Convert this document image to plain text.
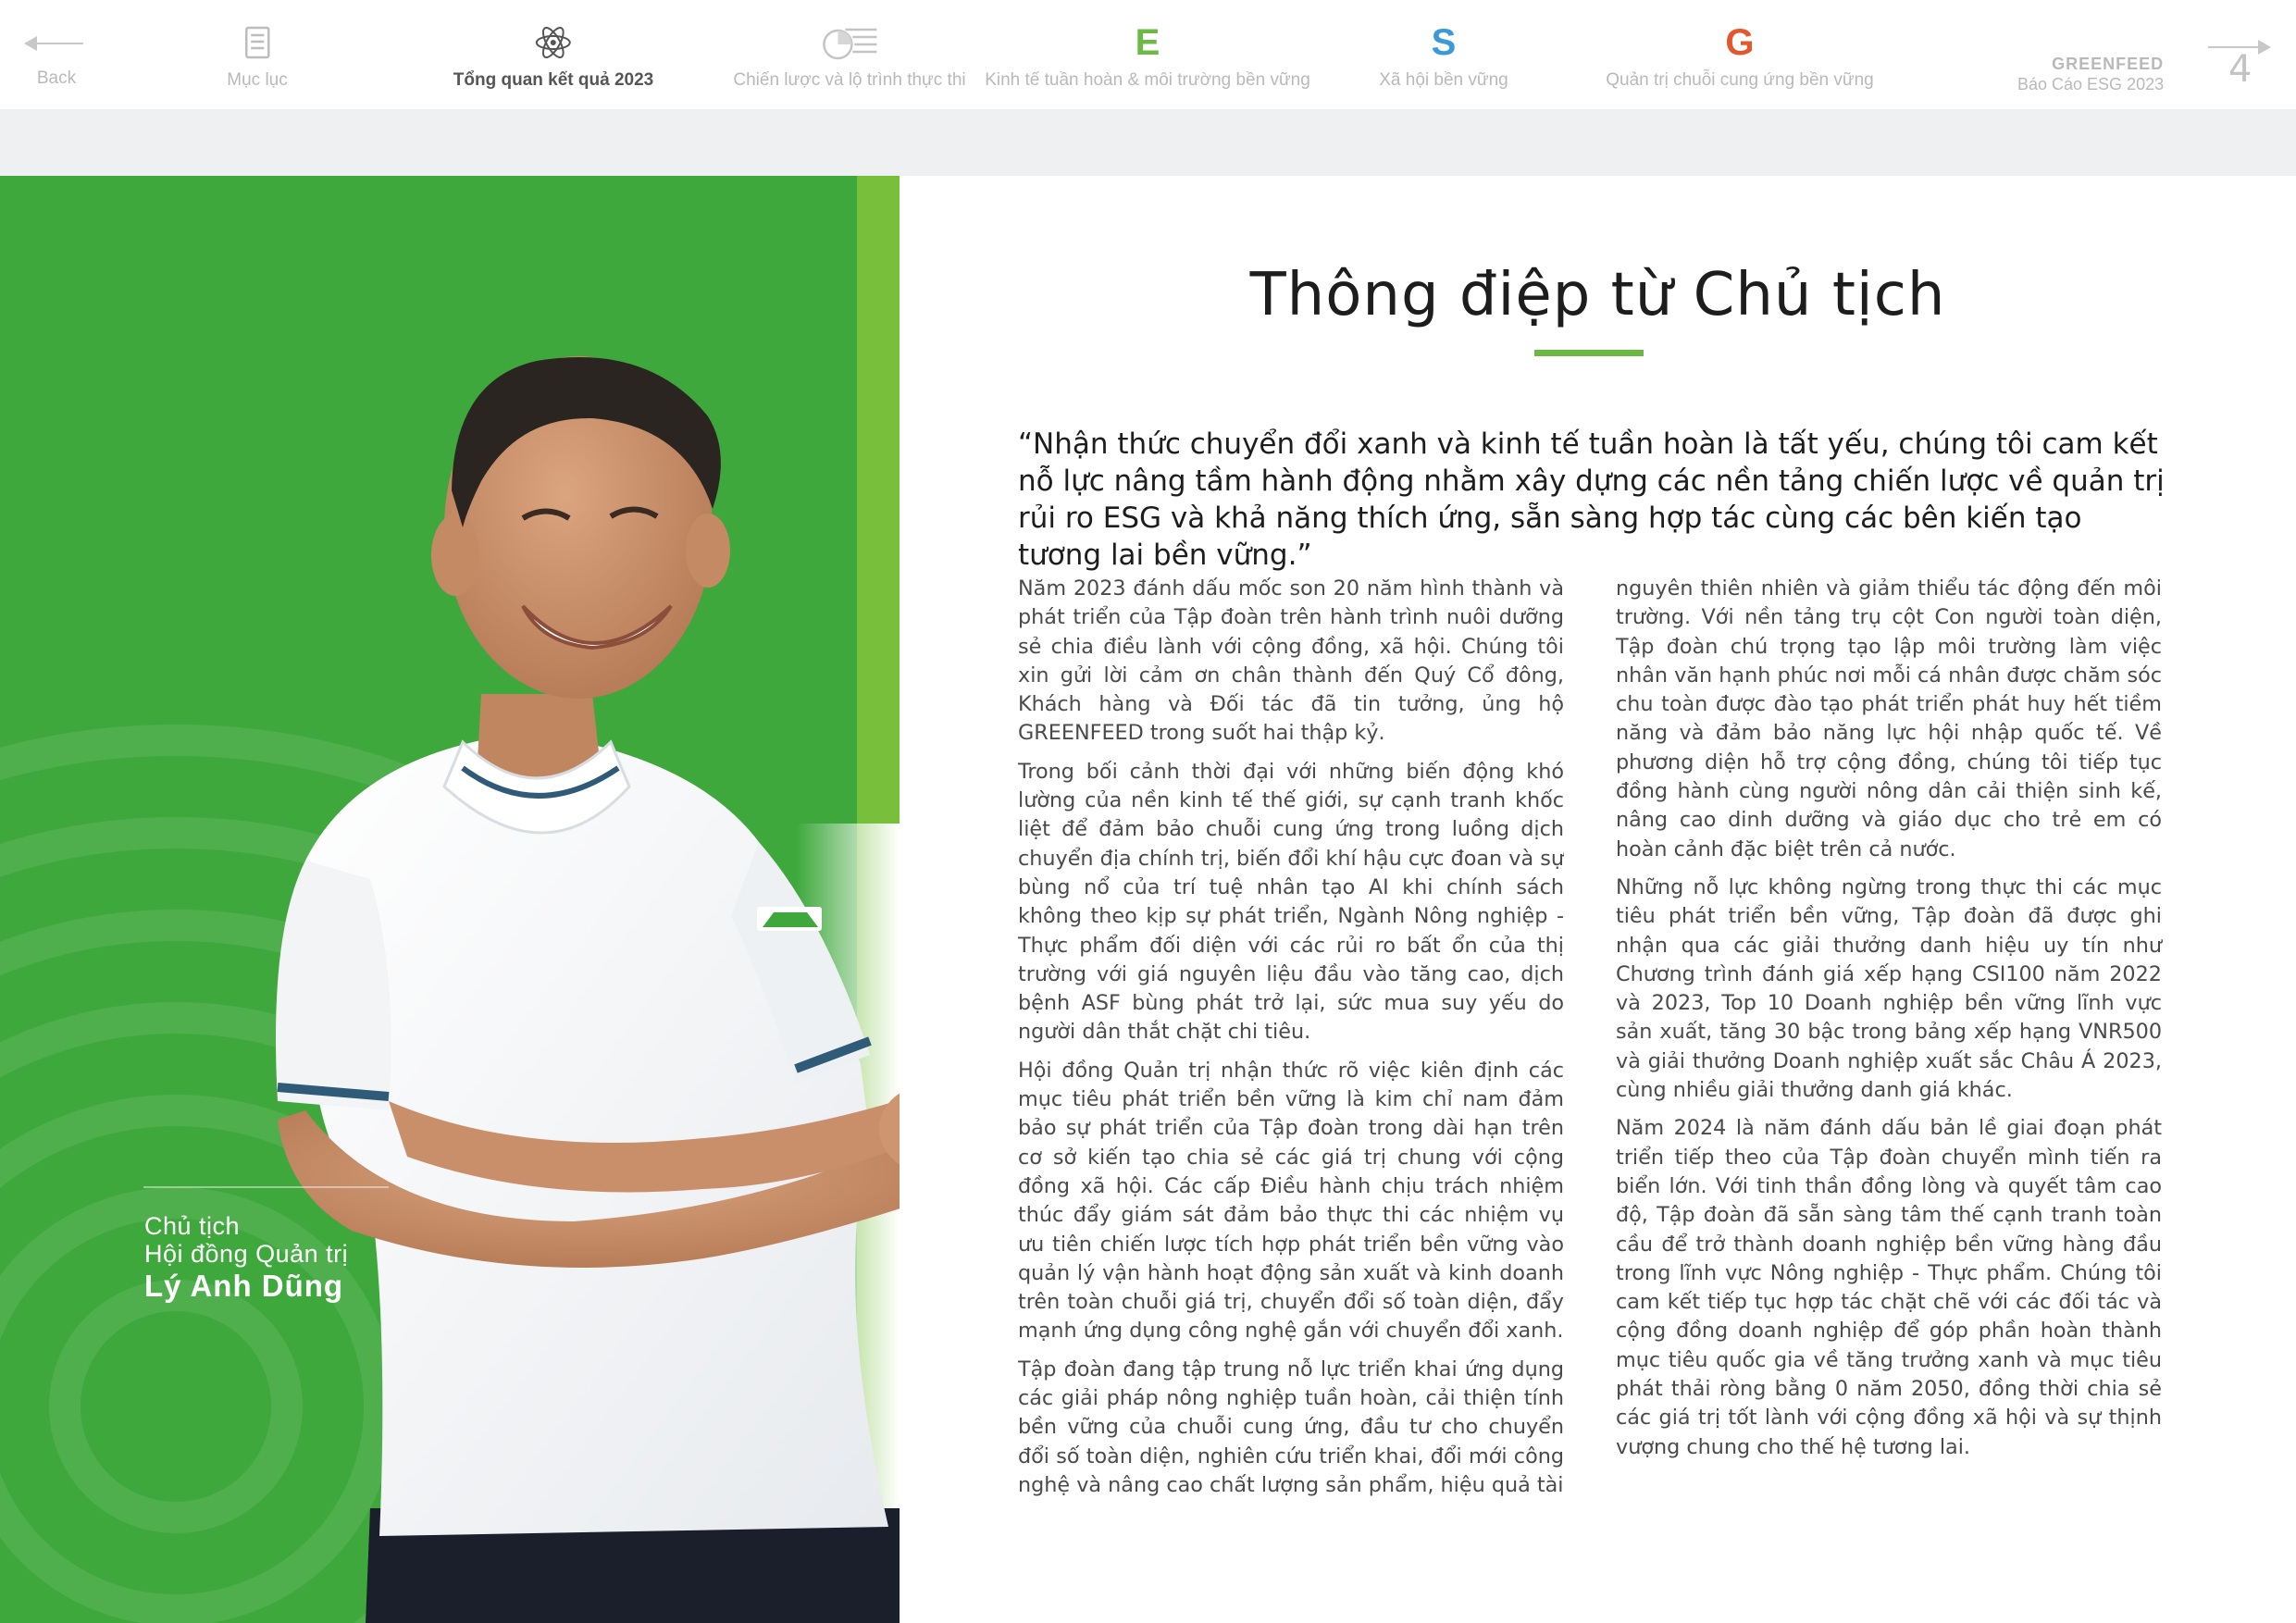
Back	Mục lục	Tổng quan kết quả 2023	Chiến lược và lộ trình thực thi
E
Kinh tế tuần hoàn & môi trường bền vững
S
Xã hội bền vững
G
Quản trị chuỗi cung ứng bền vững
GREENFEED
Báo Cáo ESG 2023 4
Chủ tịch
Hội đồng Quản trị
Lý Anh Dũng
Thông điệp từ Chủ tịch
“Nhận thức chuyển đổi xanh và kinh tế tuần hoàn là tất yếu, chúng tôi cam kết nỗ lực nâng tầm hành động nhằm xây dựng các nền tảng chiến lược về quản trị rủi ro ESG và khả năng thích ứng, sẵn sàng hợp tác cùng các bên kiến tạo tương lai bền vững.”

Năm 2023 đánh dấu mốc son 20 năm hình thành và phát triển của Tập đoàn trên hành trình nuôi dưỡng sẻ chia điều lành với cộng đồng, xã hội. Chúng tôi xin gửi lời cảm ơn chân thành đến Quý Cổ đông, Khách hàng và Đối tác đã tin tưởng, ủng hộ GREENFEED trong suốt hai thập kỷ.

Trong bối cảnh thời đại với những biến động khó lường của nền kinh tế thế giới, sự cạnh tranh khốc liệt để đảm bảo chuỗi cung ứng trong luồng dịch chuyển địa chính trị, biến đổi khí hậu cực đoan và sự bùng nổ của trí tuệ nhân tạo AI khi chính sách không theo kịp sự phát triển, Ngành Nông nghiệp - Thực phẩm đối diện với các rủi ro bất ổn của thị trường với giá nguyên liệu đầu vào tăng cao, dịch bệnh ASF bùng phát trở lại, sức mua suy yếu do người dân thắt chặt chi tiêu.

Hội đồng Quản trị nhận thức rõ việc kiên định các mục tiêu phát triển bền vững là kim chỉ nam đảm bảo sự phát triển của Tập đoàn trong dài hạn trên cơ sở kiến tạo chia sẻ các giá trị chung với cộng đồng xã hội. Các cấp Điều hành chịu trách nhiệm thúc đẩy giám sát đảm bảo thực thi các nhiệm vụ ưu tiên chiến lược tích hợp phát triển bền vững vào quản lý vận hành hoạt động sản xuất và kinh doanh trên toàn chuỗi giá trị, chuyển đổi số toàn diện, đẩy mạnh ứng dụng công nghệ gắn với chuyển đổi xanh.

Tập đoàn đang tập trung nỗ lực triển khai ứng dụng các giải pháp nông nghiệp tuần hoàn, cải thiện tính bền vững của chuỗi cung ứng, đầu tư cho chuyển đổi số toàn diện, nghiên cứu triển khai, đổi mới công nghệ và nâng cao chất lượng sản phẩm, hiệu quả tài

nguyên thiên nhiên và giảm thiểu tác động đến môi trường. Với nền tảng trụ cột Con người toàn diện, Tập đoàn chú trọng tạo lập môi trường làm việc nhân văn hạnh phúc nơi mỗi cá nhân được chăm sóc chu toàn được đào tạo phát triển phát huy hết tiềm năng và đảm bảo năng lực hội nhập quốc tế. Về phương diện hỗ trợ cộng đồng, chúng tôi tiếp tục đồng hành cùng người nông dân cải thiện sinh kế, nâng cao dinh dưỡng và giáo dục cho trẻ em có hoàn cảnh đặc biệt trên cả nước.

Những nỗ lực không ngừng trong thực thi các mục tiêu phát triển bền vững, Tập đoàn đã được ghi nhận qua các giải thưởng danh hiệu uy tín như Chương trình đánh giá xếp hạng CSI100 năm 2022 và 2023, Top 10 Doanh nghiệp bền vững lĩnh vực sản xuất, tăng 30 bậc trong bảng xếp hạng VNR500 và giải thưởng Doanh nghiệp xuất sắc Châu Á 2023, cùng nhiều giải thưởng danh giá khác.

Năm 2024 là năm đánh dấu bản lề giai đoạn phát triển tiếp theo của Tập đoàn chuyển mình tiến ra biển lớn. Với tinh thần đồng lòng và quyết tâm cao độ, Tập đoàn đã sẵn sàng tâm thế cạnh tranh toàn cầu để trở thành doanh nghiệp bền vững hàng đầu trong lĩnh vực Nông nghiệp - Thực phẩm. Chúng tôi cam kết tiếp tục hợp tác chặt chẽ với các đối tác và cộng đồng doanh nghiệp để góp phần hoàn thành mục tiêu quốc gia về tăng trưởng xanh và mục tiêu phát thải ròng bằng 0 năm 2050, đồng thời chia sẻ các giá trị tốt lành với cộng đồng xã hội và sự thịnh vượng chung cho thế hệ tương lai.
